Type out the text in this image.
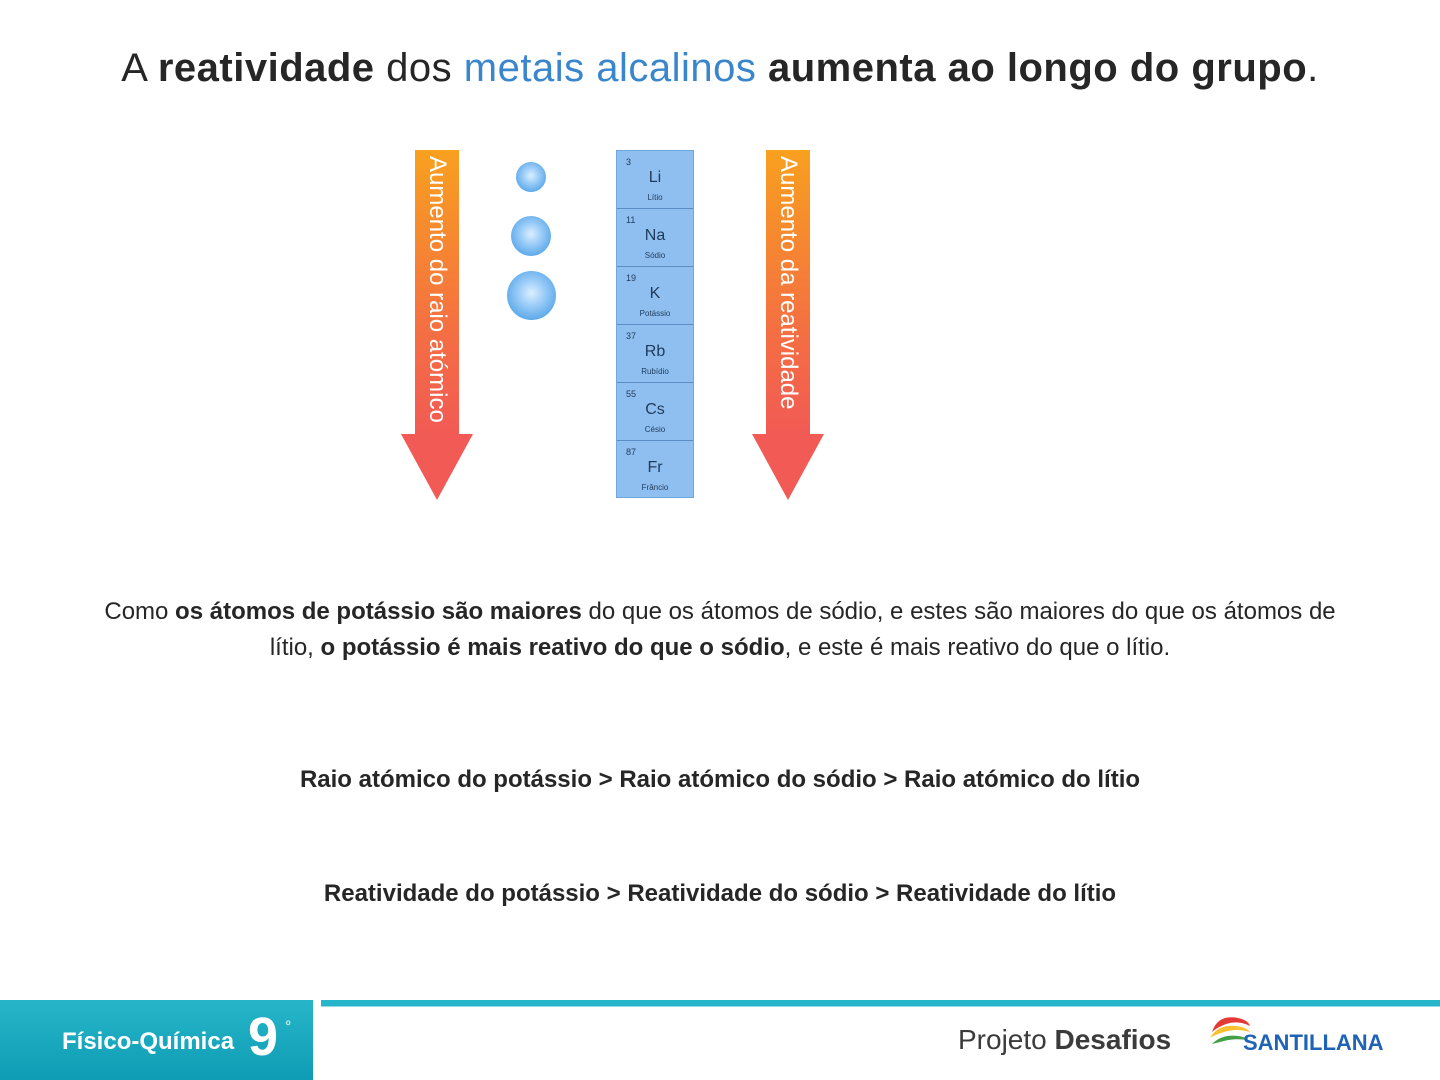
A reatividade dos metais alcalinos aumenta ao longo do grupo.
Aumento do raio atómico	Aumento da reatividade
3
Li
Lítio
11
Na
Sódio
19
K
Potássio
37
Rb
Rubídio
55
Cs
Césio
87
Fr
Frâncio
Como os átomos de potássio são maiores do que os átomos de sódio, e estes são maiores do que os átomos de lítio, o potássio é mais reativo do que o sódio, e este é mais reativo do que o lítio.
Raio atómico do potássio > Raio atómico do sódio > Raio atómico do lítio
Reatividade do potássio > Reatividade do sódio > Reatividade do lítio
Físico-Química 9 º	Projeto Desafios	SANTILLANA
